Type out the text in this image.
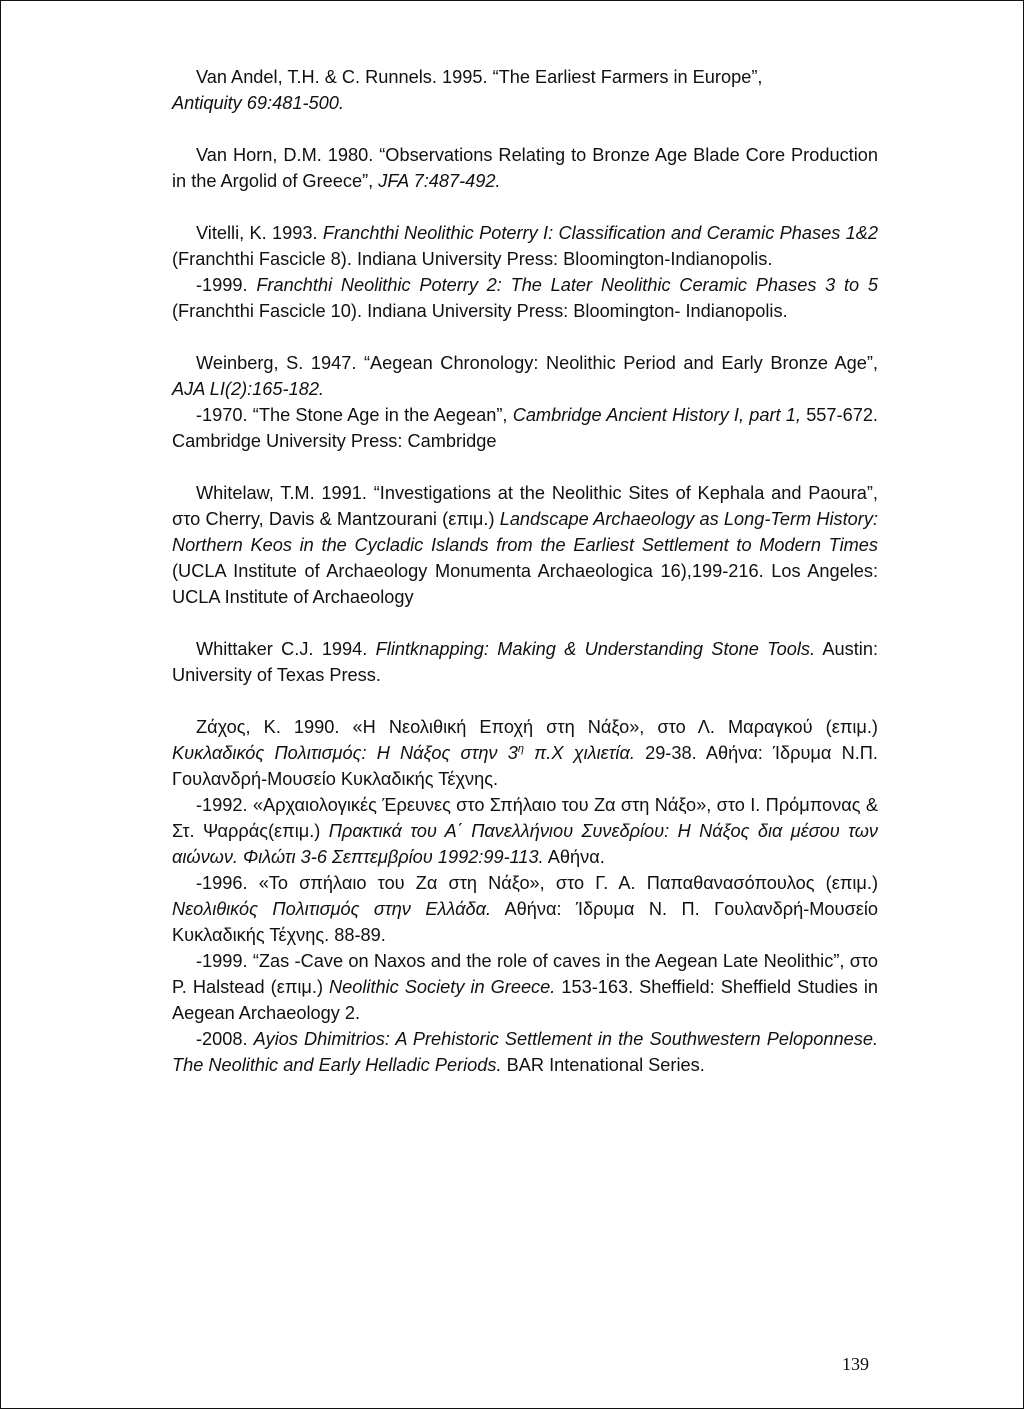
Van Andel, T.H. & C. Runnels. 1995. “The Earliest Farmers in Europe”,
Antiquity 69:481-500.

Van Horn, D.M. 1980. “Observations Relating to Bronze Age Blade Core Production in the Argolid of Greece”, JFA 7:487-492.

Vitelli, K. 1993. Franchthi Neolithic Poterry I: Classification and Ceramic Phases 1&2 (Franchthi Fascicle 8). Indiana University Press: Bloomington-Indianopolis.

-1999. Franchthi Neolithic Poterry 2: The Later Neolithic Ceramic Phases 3 to 5 (Franchthi Fascicle 10). Indiana University Press: Bloomington- Indianopolis.

Weinberg, S. 1947. “Aegean Chronology: Neolithic Period and Early Bronze Age”, AJA LI(2):165-182.

-1970. “The Stone Age in the Aegean”, Cambridge Ancient History I, part 1, 557-672. Cambridge University Press: Cambridge

Whitelaw, T.M. 1991. “Investigations at the Neolithic Sites of Kephala and Paoura”, στο Cherry, Davis & Mantzourani (επιμ.) Landscape Archaeology as Long-Term History: Northern Keos in the Cycladic Islands from the Earliest Settlement to Modern Times (UCLA Institute of Archaeology Monumenta Archaeologica 16),199-216. Los Angeles: UCLA Institute of Archaeology

Whittaker C.J. 1994. Flintknapping: Making & Understanding Stone Tools. Austin: University of Texas Press.

Ζάχος, Κ. 1990. «Η Νεολιθική Εποχή στη Νάξο», στο Λ. Μαραγκού (επιμ.) Κυκλαδικός Πολιτισμός: Η Νάξος στην $3^\eta$ π.Χ χιλιετία. 29-38. Αθήνα: Ίδρυμα Ν.Π. Γουλανδρή-Μουσείο Κυκλαδικής Τέχνης.

-1992. «Αρχαιολογικές Έρευνες στο Σπήλαιο του Ζα στη Νάξο», στο Ι. Πρόμπονας & Στ. Ψαρράς(επιμ.) Πρακτικά του Α΄ Πανελλήνιου Συνεδρίου: Η Νάξος δια μέσου των αιώνων. Φιλώτι 3-6 Σεπτεμβρίου 1992:99-113. Αθήνα.

-1996. «Το σπήλαιο του Ζα στη Νάξο», στο Γ. Α. Παπαθανασόπουλος (επιμ.) Νεολιθικός Πολιτισμός στην Ελλάδα. Αθήνα: Ίδρυμα Ν. Π. Γουλανδρή-Μουσείο Κυκλαδικής Τέχνης. 88-89.

-1999. “Zas -Cave on Naxos and the role of caves in the Aegean Late Neolithic”, στο P. Halstead (επιμ.) Neolithic Society in Greece. 153-163. Sheffield: Sheffield Studies in Aegean Archaeology 2.

-2008. Ayios Dhimitrios: A Prehistoric Settlement in the Southwestern Peloponnese. The Neolithic and Early Helladic Periods. BAR Intenational Series.

139
